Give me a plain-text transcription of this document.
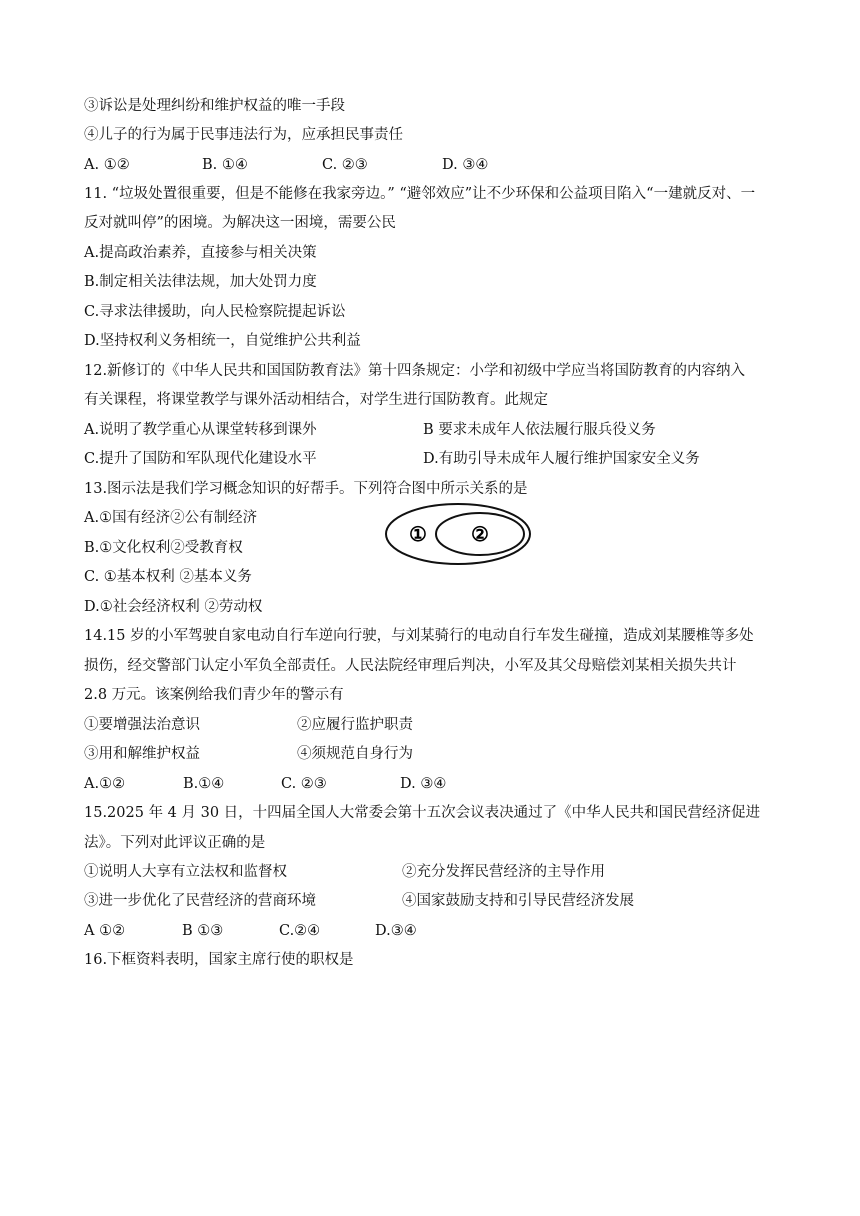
③诉讼是处理纠纷和维护权益的唯一手段
④儿子的行为属于民事违法行为，应承担民事责任
A. ①②	B. ①④	C. ②③	D. ③④
11. “垃圾处置很重要，但是不能修在我家旁边。” “避邻效应”让不少环保和公益项目陷入“一建就反对、一
反对就叫停”的困境。为解决这一困境，需要公民
A.提高政治素养，直接参与相关决策
B.制定相关法律法规，加大处罚力度
C.寻求法律援助，向人民检察院提起诉讼
D.坚持权利义务相统一，自觉维护公共利益
12.新修订的《中华人民共和国国防教育法》第十四条规定：小学和初级中学应当将国防教育的内容纳入
有关课程，将课堂教学与课外活动相结合，对学生进行国防教育。此规定
A.说明了教学重心从课堂转移到课外	B 要求未成年人依法履行服兵役义务
C.提升了国防和军队现代化建设水平	D.有助引导未成年人履行维护国家安全义务
13.图示法是我们学习概念知识的好帮手。下列符合图中所示关系的是
A.①国有经济②公有制经济
B.①文化权利②受教育权
C. ①基本权利 ②基本义务
D.①社会经济权利 ②劳动权
① ②
14.15 岁的小军驾驶自家电动自行车逆向行驶，与刘某骑行的电动自行车发生碰撞，造成刘某腰椎等多处
损伤，经交警部门认定小军负全部责任。人民法院经审理后判决，小军及其父母赔偿刘某相关损失共计
2.8 万元。该案例给我们青少年的警示有
①要增强法治意识	②应履行监护职责
③用和解维护权益	④须规范自身行为
A.①②	B.①④	C. ②③	D. ③④
15.2025 年 4 月 30 日，十四届全国人大常委会第十五次会议表决通过了《中华人民共和国民营经济促进
法》。下列对此评议正确的是
①说明人大享有立法权和监督权	②充分发挥民营经济的主导作用
③进一步优化了民营经济的营商环境	④国家鼓励支持和引导民营经济发展
A ①②	B ①③	C.②④	D.③④
16.下框资料表明，国家主席行使的职权是
